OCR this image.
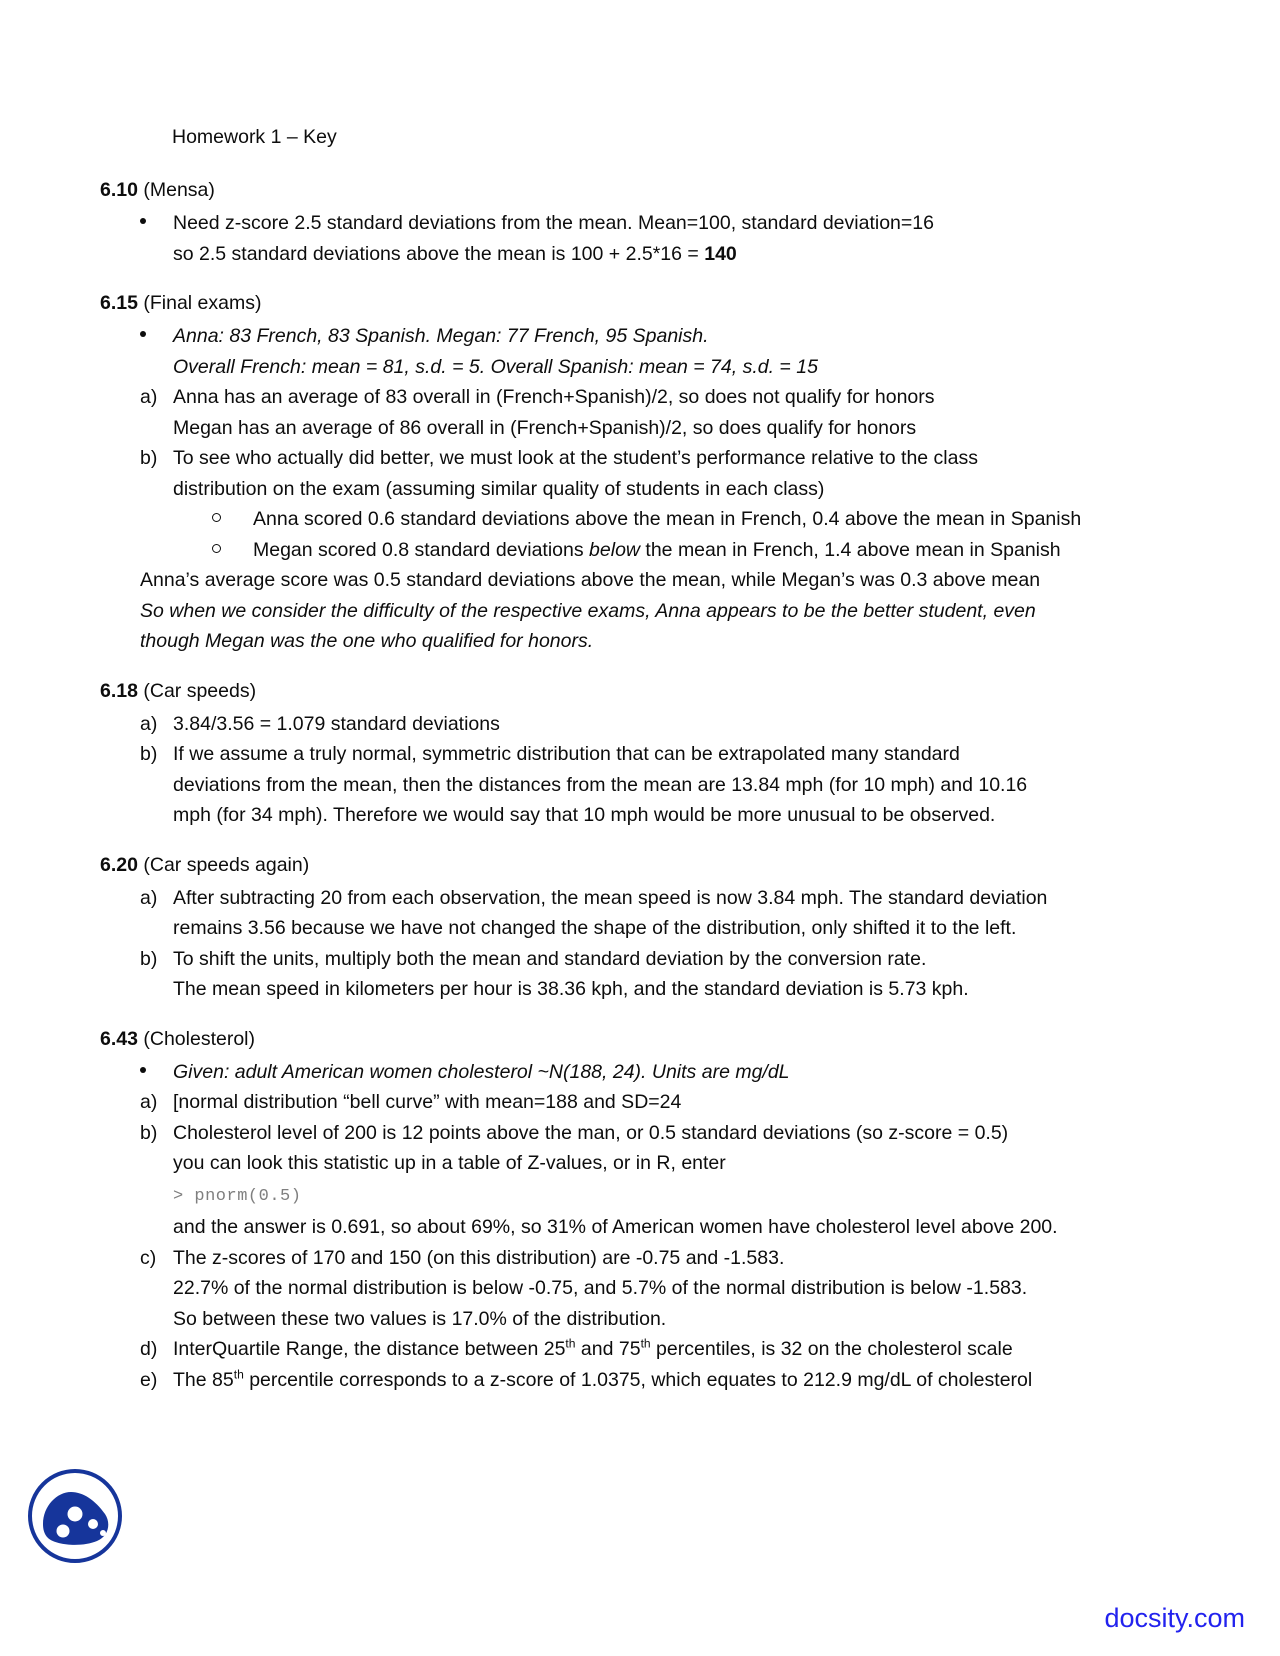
Homework 1 – Key
6.10 (Mensa)
Need z-score 2.5 standard deviations from the mean. Mean=100, standard deviation=16
so 2.5 standard deviations above the mean is 100 + 2.5*16 = 140
6.15 (Final exams)
Anna: 83 French, 83 Spanish. Megan: 77 French, 95 Spanish.
Overall French: mean = 81, s.d. = 5. Overall Spanish: mean = 74, s.d. = 15
a) Anna has an average of 83 overall in (French+Spanish)/2, so does not qualify for honors
Megan has an average of 86 overall in (French+Spanish)/2, so does qualify for honors
b) To see who actually did better, we must look at the student’s performance relative to the class
distribution on the exam (assuming similar quality of students in each class)
Anna scored 0.6 standard deviations above the mean in French, 0.4 above the mean in Spanish
Megan scored 0.8 standard deviations below the mean in French, 1.4 above mean in Spanish
Anna’s average score was 0.5 standard deviations above the mean, while Megan’s was 0.3 above mean
So when we consider the difficulty of the respective exams, Anna appears to be the better student, even
though Megan was the one who qualified for honors.
6.18 (Car speeds)
a) 3.84/3.56 = 1.079 standard deviations
b) If we assume a truly normal, symmetric distribution that can be extrapolated many standard
deviations from the mean, then the distances from the mean are 13.84 mph (for 10 mph) and 10.16
mph (for 34 mph). Therefore we would say that 10 mph would be more unusual to be observed.
6.20 (Car speeds again)
a) After subtracting 20 from each observation, the mean speed is now 3.84 mph. The standard deviation
remains 3.56 because we have not changed the shape of the distribution, only shifted it to the left.
b) To shift the units, multiply both the mean and standard deviation by the conversion rate.
The mean speed in kilometers per hour is 38.36 kph, and the standard deviation is 5.73 kph.
6.43 (Cholesterol)
Given: adult American women cholesterol ~N(188, 24). Units are mg/dL
a) [normal distribution “bell curve” with mean=188 and SD=24
b) Cholesterol level of 200 is 12 points above the man, or 0.5 standard deviations (so z-score = 0.5)
you can look this statistic up in a table of Z-values, or in R, enter
> pnorm(0.5)
and the answer is 0.691, so about 69%, so 31% of American women have cholesterol level above 200.
c) The z-scores of 170 and 150 (on this distribution) are -0.75 and -1.583.
22.7% of the normal distribution is below -0.75, and 5.7% of the normal distribution is below -1.583.
So between these two values is 17.0% of the distribution.
d) InterQuartile Range, the distance between 25th and 75th percentiles, is 32 on the cholesterol scale
e) The 85th percentile corresponds to a z-score of 1.0375, which equates to 212.9 mg/dL of cholesterol
docsity.com
